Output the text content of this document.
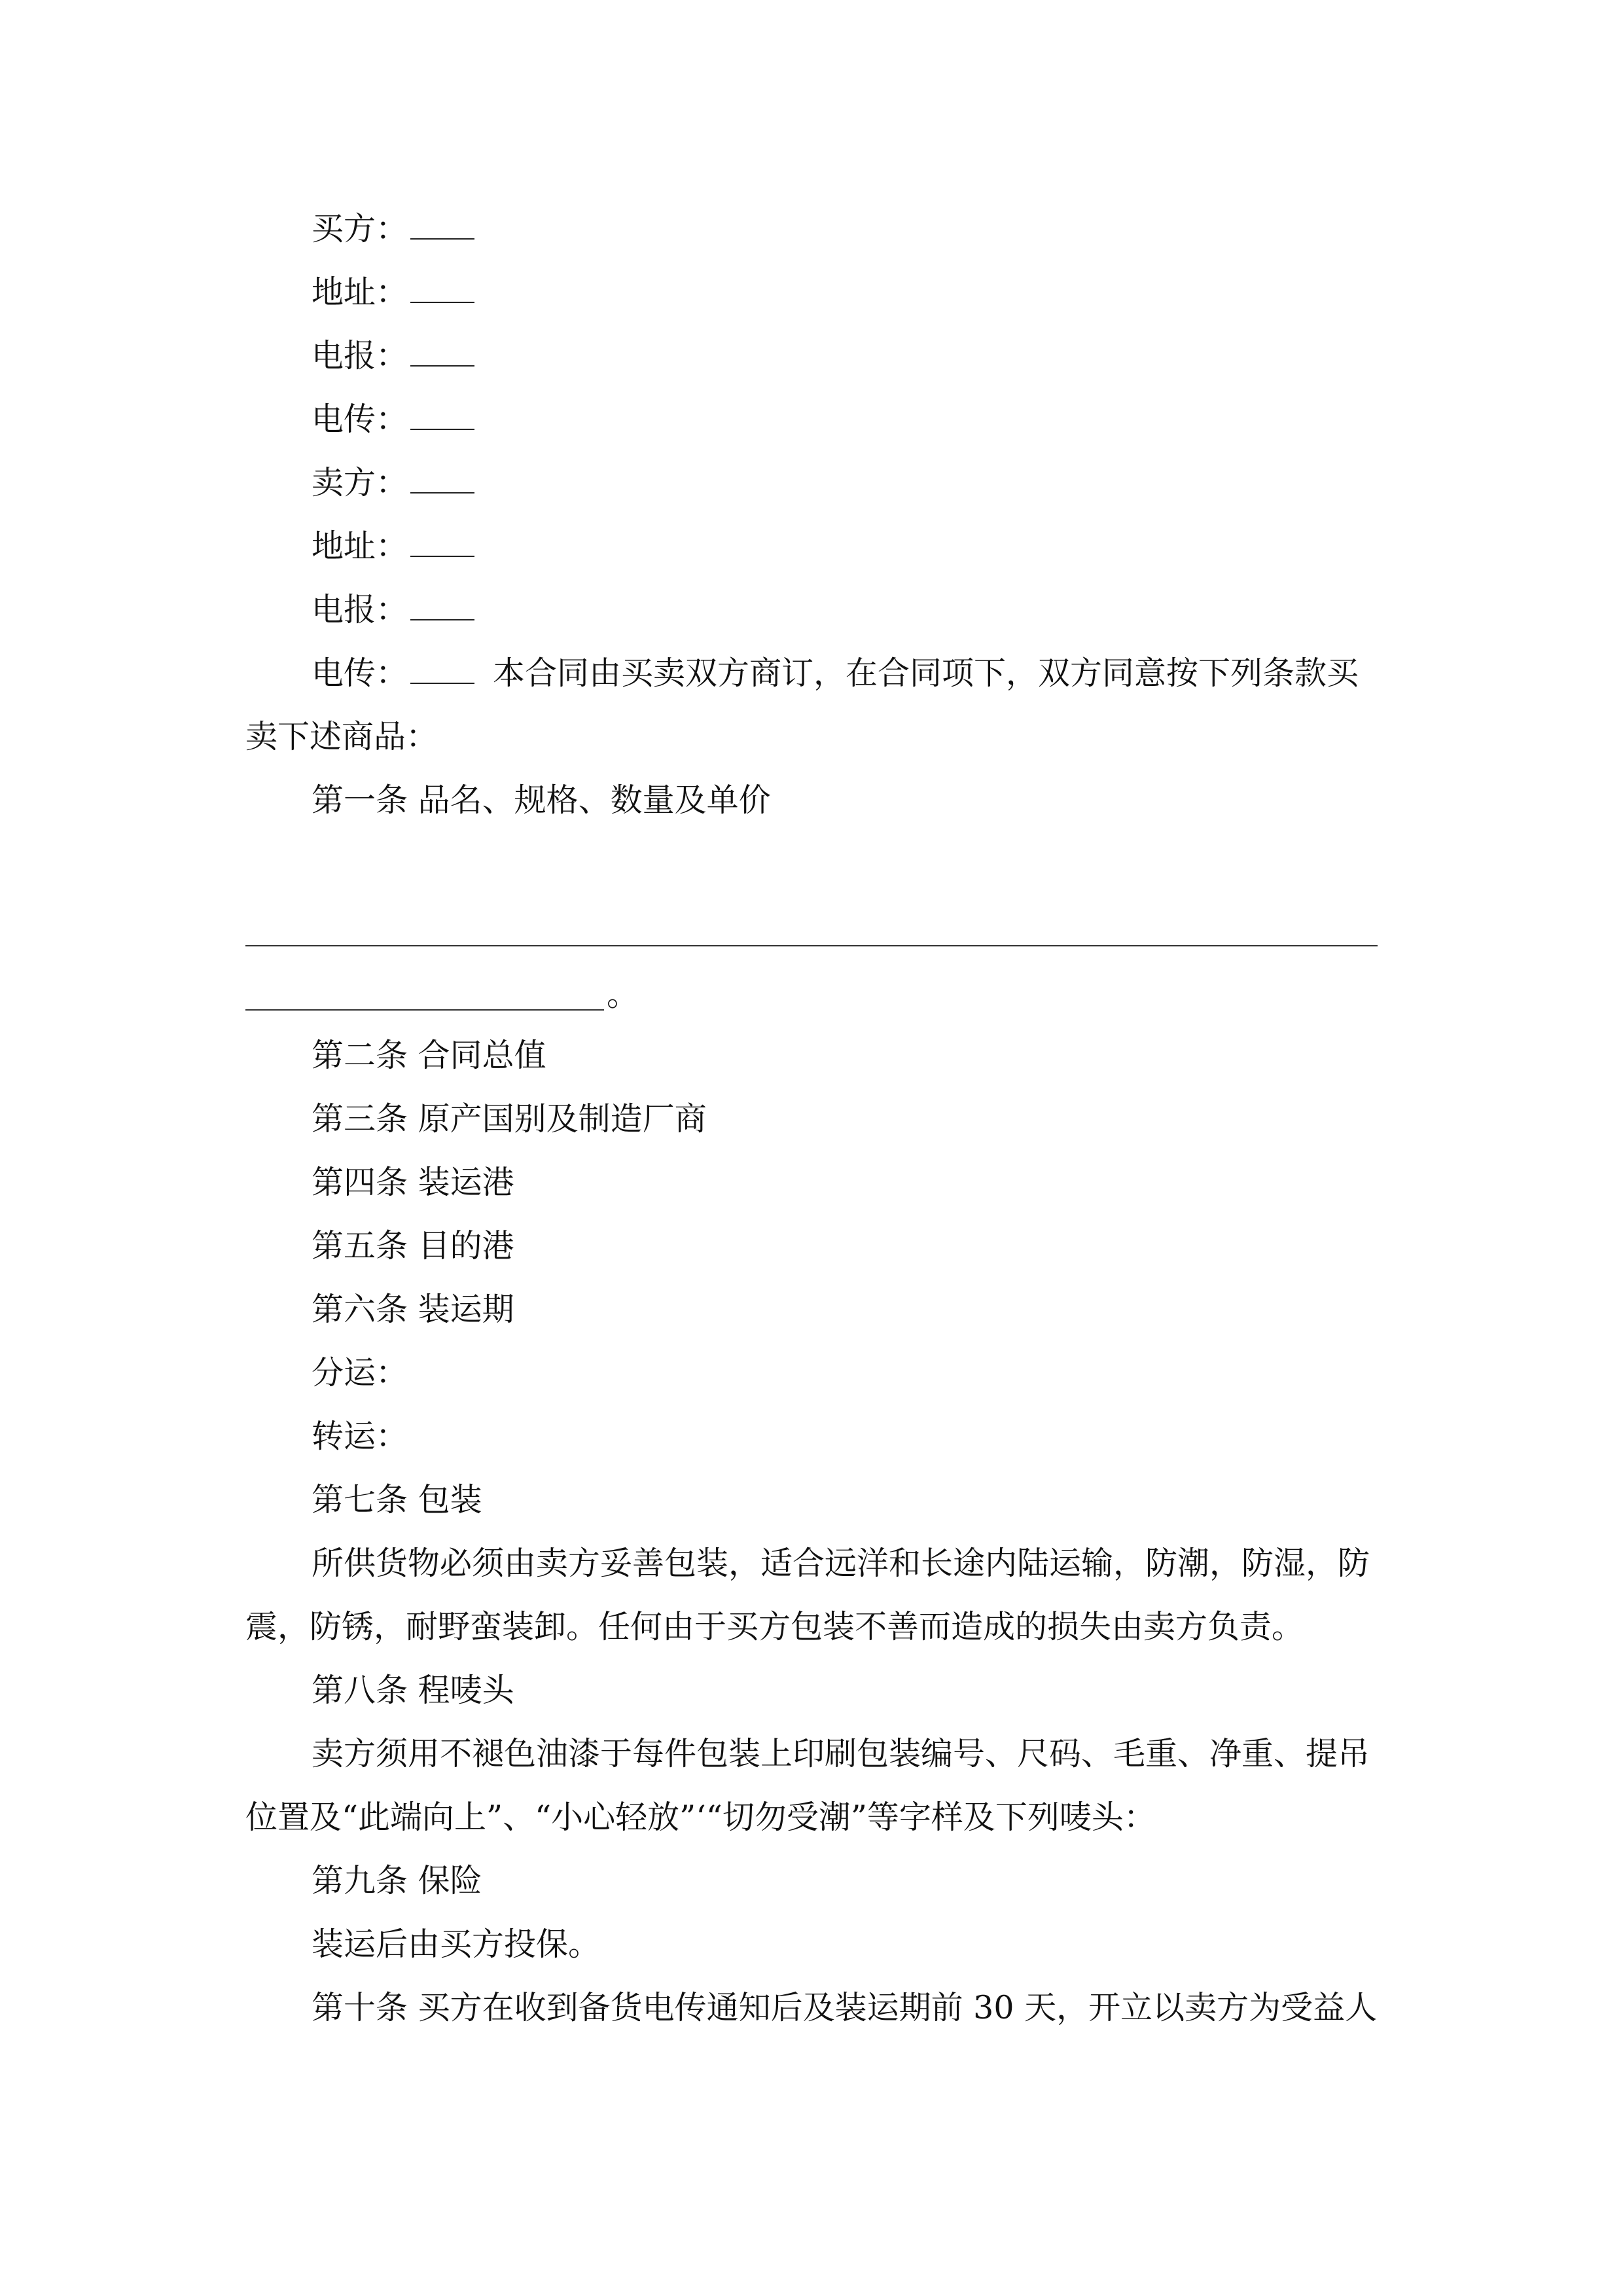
买方：
地址：
电报：
电传：
卖方：
地址：
电报：
电传：	本合同由买卖双方商订，在合同项下，双方同意按下列条款买
卖下述商品：
第一条 品名、规格、数量及单价
。
第二条 合同总值
第三条 原产国别及制造厂商
第四条 装运港
第五条 目的港
第六条 装运期
分运：
转运：
第七条 包装
所供货物必须由卖方妥善包装，适合远洋和长途内陆运输，防潮，防湿，防
震，防锈，耐野蛮装卸。任何由于买方包装不善而造成的损失由卖方负责。
第八条 程唛头
卖方须用不褪色油漆于每件包装上印刷包装编号、尺码、毛重、净重、提吊
位置及“此端向上”、“小心轻放”‘“切勿受潮”等字样及下列唛头：
第九条 保险
装运后由买方投保。
第十条 买方在收到备货电传通知后及装运期前 30 天，开立以卖方为受益人
